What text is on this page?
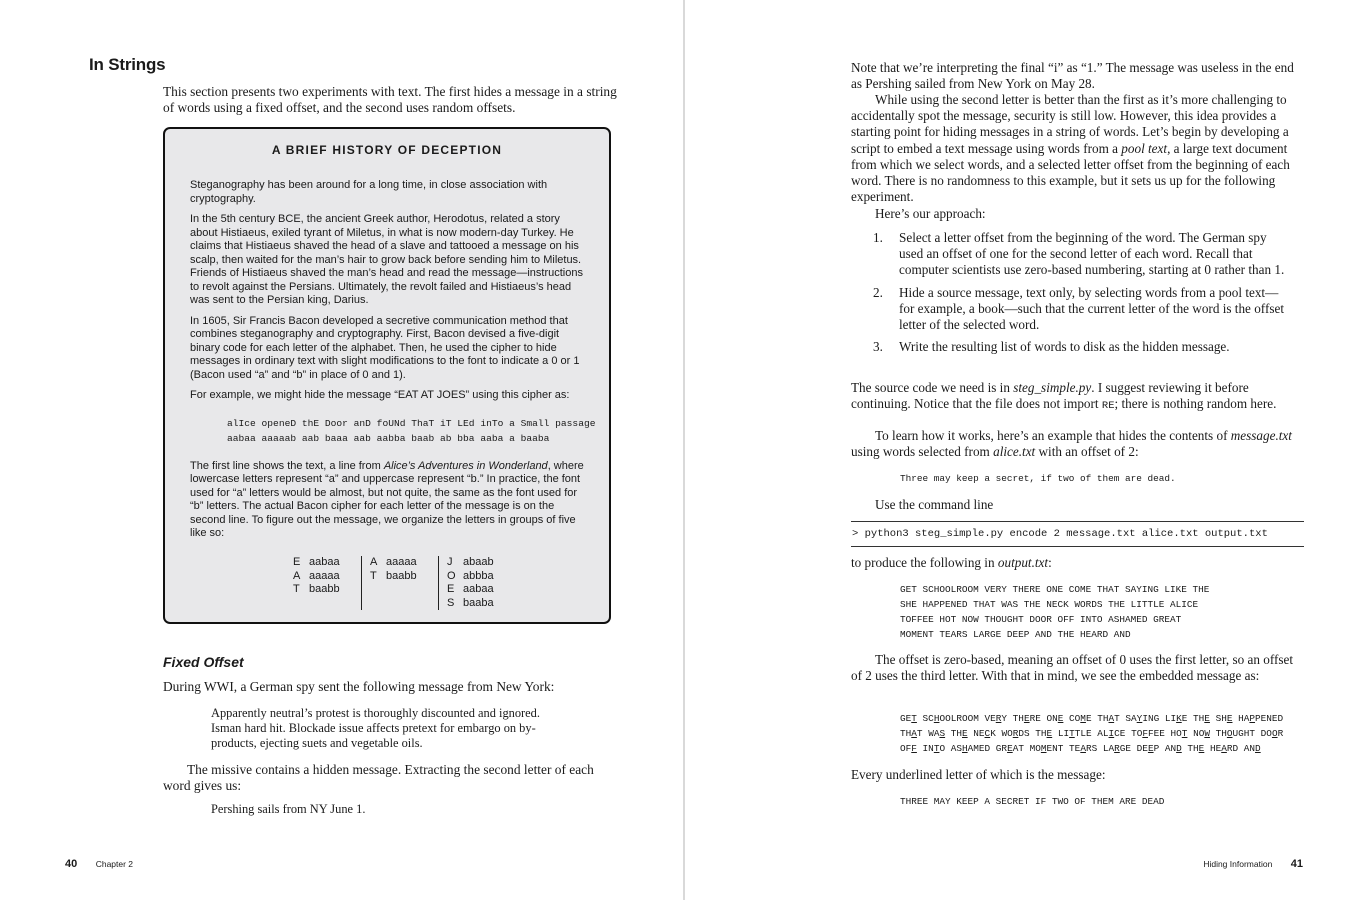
In Strings

This section presents two experiments with text. The first hides a message in a string of words using a fixed offset, and the second uses random offsets.

A BRIEF HISTORY OF DECEPTION

Steganography has been around for a long time, in close association with cryptography.

In the 5th century BCE, the ancient Greek author, Herodotus, related a story about Histiaeus, exiled tyrant of Miletus, in what is now modern-day Turkey. He claims that Histiaeus shaved the head of a slave and tattooed a message on his scalp, then waited for the man’s hair to grow back before sending him to Miletus. Friends of Histiaeus shaved the man’s head and read the message—instructions to revolt against the Persians. Ultimately, the revolt failed and Histiaeus’s head was sent to the Persian king, Darius.

In 1605, Sir Francis Bacon developed a secretive communication method that combines steganography and cryptography. First, Bacon devised a five-digit binary code for each letter of the alphabet. Then, he used the cipher to hide messages in ordinary text with slight modifications to the font to indicate a 0 or 1 (Bacon used “a” and “b” in place of 0 and 1).

For example, we might hide the message “EAT AT JOES” using this cipher as:

alIce openeD thE Door anD foUNd ThaT iT LEd inTo a Small passage
aabaa aaaaab aab baaa aab aabba baab ab bba aaba a baaba

The first line shows the text, a line from Alice’s Adventures in Wonderland, where lowercase letters represent “a” and uppercase represent “b.” In practice, the font used for “a” letters would be almost, but not quite, the same as the font used for “b” letters. The actual Bacon cipher for each letter of the message is on the second line. To figure out the message, we organize the letters in groups of five like so:

E
A
T
aabaa
aaaaa
baabb
A
T
aaaaa
baabb
J
O
E
S
abaab
abbba
aabaa
baaba
Fixed Offset

During WWI, a German spy sent the following message from New York:

Apparently neutral’s protest is thoroughly discounted and ignored. Isman hard hit. Blockade issue affects pretext for embargo on by-products, ejecting suets and vegetable oils.

The missive contains a hidden message. Extracting the second letter of each word gives us:

Pershing sails from NY June 1.

40 Chapter 2

Note that we’re interpreting the final “i” as “1.” The message was useless in the end as Pershing sailed from New York on May 28.

While using the second letter is better than the first as it’s more challenging to accidentally spot the message, security is still low. However, this idea provides a starting point for hiding messages in a string of words. Let’s begin by developing a script to embed a text message using words from a pool text, a large text document from which we select words, and a selected letter offset from the beginning of each word. There is no randomness to this example, but it sets us up for the following experiment.

Here’s our approach:

1. Select a letter offset from the beginning of the word. The German spy used an offset of one for the second letter of each word. Recall that computer scientists use zero-based numbering, starting at 0 rather than 1.
2. Hide a source message, text only, by selecting words from a pool text—for example, a book—such that the current letter of the word is the offset letter of the selected word.
3. Write the resulting list of words to disk as the hidden message.

The source code we need is in steg_simple.py. I suggest reviewing it before continuing. Notice that the file does not import RE; there is nothing random here.

To learn how it works, here’s an example that hides the contents of message.txt using words selected from alice.txt with an offset of 2:

Three may keep a secret, if two of them are dead.

Use the command line

> python3 steg_simple.py encode 2 message.txt alice.txt output.txt

to produce the following in output.txt:

GET SCHOOLROOM VERY THERE ONE COME THAT SAYING LIKE THE
SHE HAPPENED THAT WAS THE NECK WORDS THE LITTLE ALICE
TOFFEE HOT NOW THOUGHT DOOR OFF INTO ASHAMED GREAT
MOMENT TEARS LARGE DEEP AND THE HEARD AND

The offset is zero-based, meaning an offset of 0 uses the first letter, so an offset of 2 uses the third letter. With that in mind, we see the embedded message as:

GET SCHOOLROOM VERY THERE ONE COME THAT SAYING LIKE THE SHE HAPPENED
THAT WAS THE NECK WORDS THE LITTLE ALICE TOFFEE HOT NOW THOUGHT DOOR
OFF INTO ASHAMED GREAT MOMENT TEARS LARGE DEEP AND THE HEARD AND

Every underlined letter of which is the message:

THREE MAY KEEP A SECRET IF TWO OF THEM ARE DEAD
Hiding Information 41
